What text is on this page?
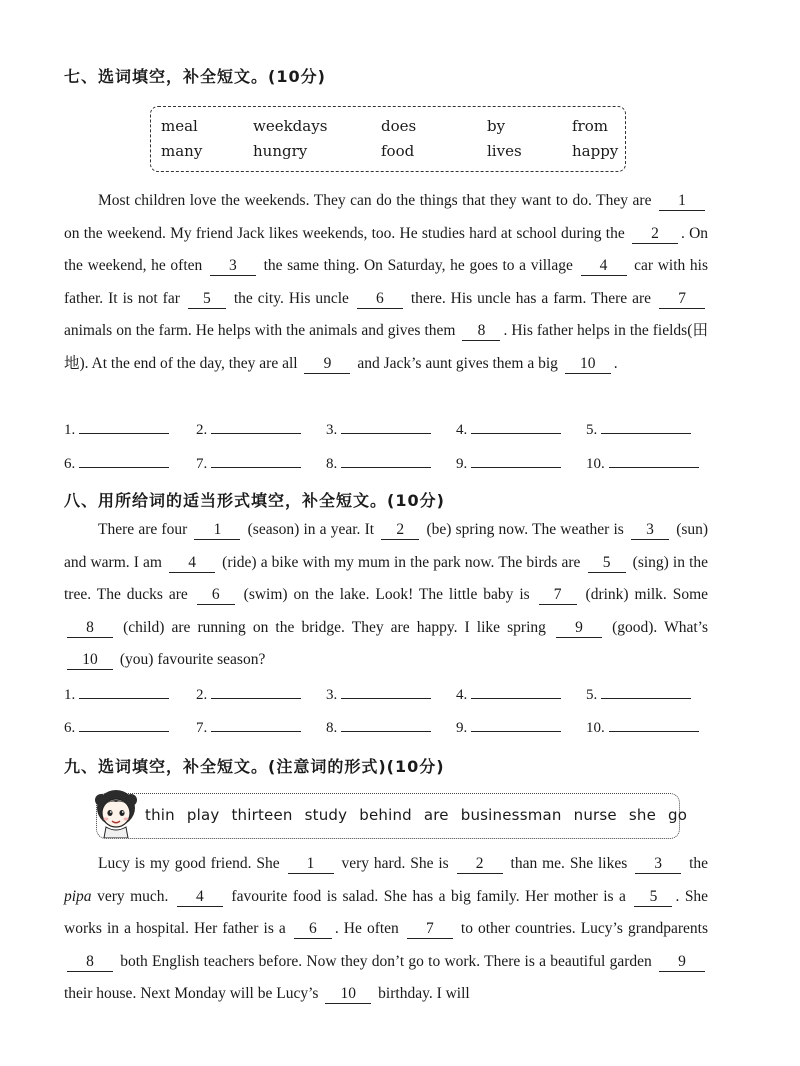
七、选词填空，补全短文。(10分)
meal	weekdays	does	by	from
many	hungry	food	lives	happy

Most children love the weekends. They can do the things that they want to do. They are 1 on the weekend. My friend Jack likes weekends, too. He studies hard at school during the 2 . On the weekend, he often 3 the same thing. On Saturday, he goes to a village 4 car with his father. It is not far 5 the city. His uncle 6 there. His uncle has a farm. There are 7 animals on the farm. He helps with the animals and gives them 8 . His father helps in the fields(田地). At the end of the day, they are all 9 and Jack’s aunt gives them a big 10 .

1.	2.	3.	4.	5.
6.	7.	8.	9.	10.
八、用所给词的适当形式填空，补全短文。(10分)

There are four 1 (season) in a year. It 2 (be) spring now. The weather is 3 (sun) and warm. I am 4 (ride) a bike with my mum in the park now. The birds are 5 (sing) in the tree. The ducks are 6 (swim) on the lake. Look! The little baby is 7 (drink) milk. Some 8 (child) are running on the bridge. They are happy. I like spring 9 (good). What’s 10 (you) favourite season?

1.	2.	3.	4.	5.
6.	7.	8.	9.	10.
九、选词填空，补全短文。(注意词的形式)(10分)
thin play thirteen study behind are businessman nurse she go

Lucy is my good friend. She 1 very hard. She is 2 than me. She likes 3 the pipa very much. 4 favourite food is salad. She has a big family. Her mother is a 5 . She works in a hospital. Her father is a 6 . He often 7 to other countries. Lucy’s grandparents 8 both English teachers before. Now they don’t go to work. There is a beautiful garden 9 their house. Next Monday will be Lucy’s 10 birthday. I will
